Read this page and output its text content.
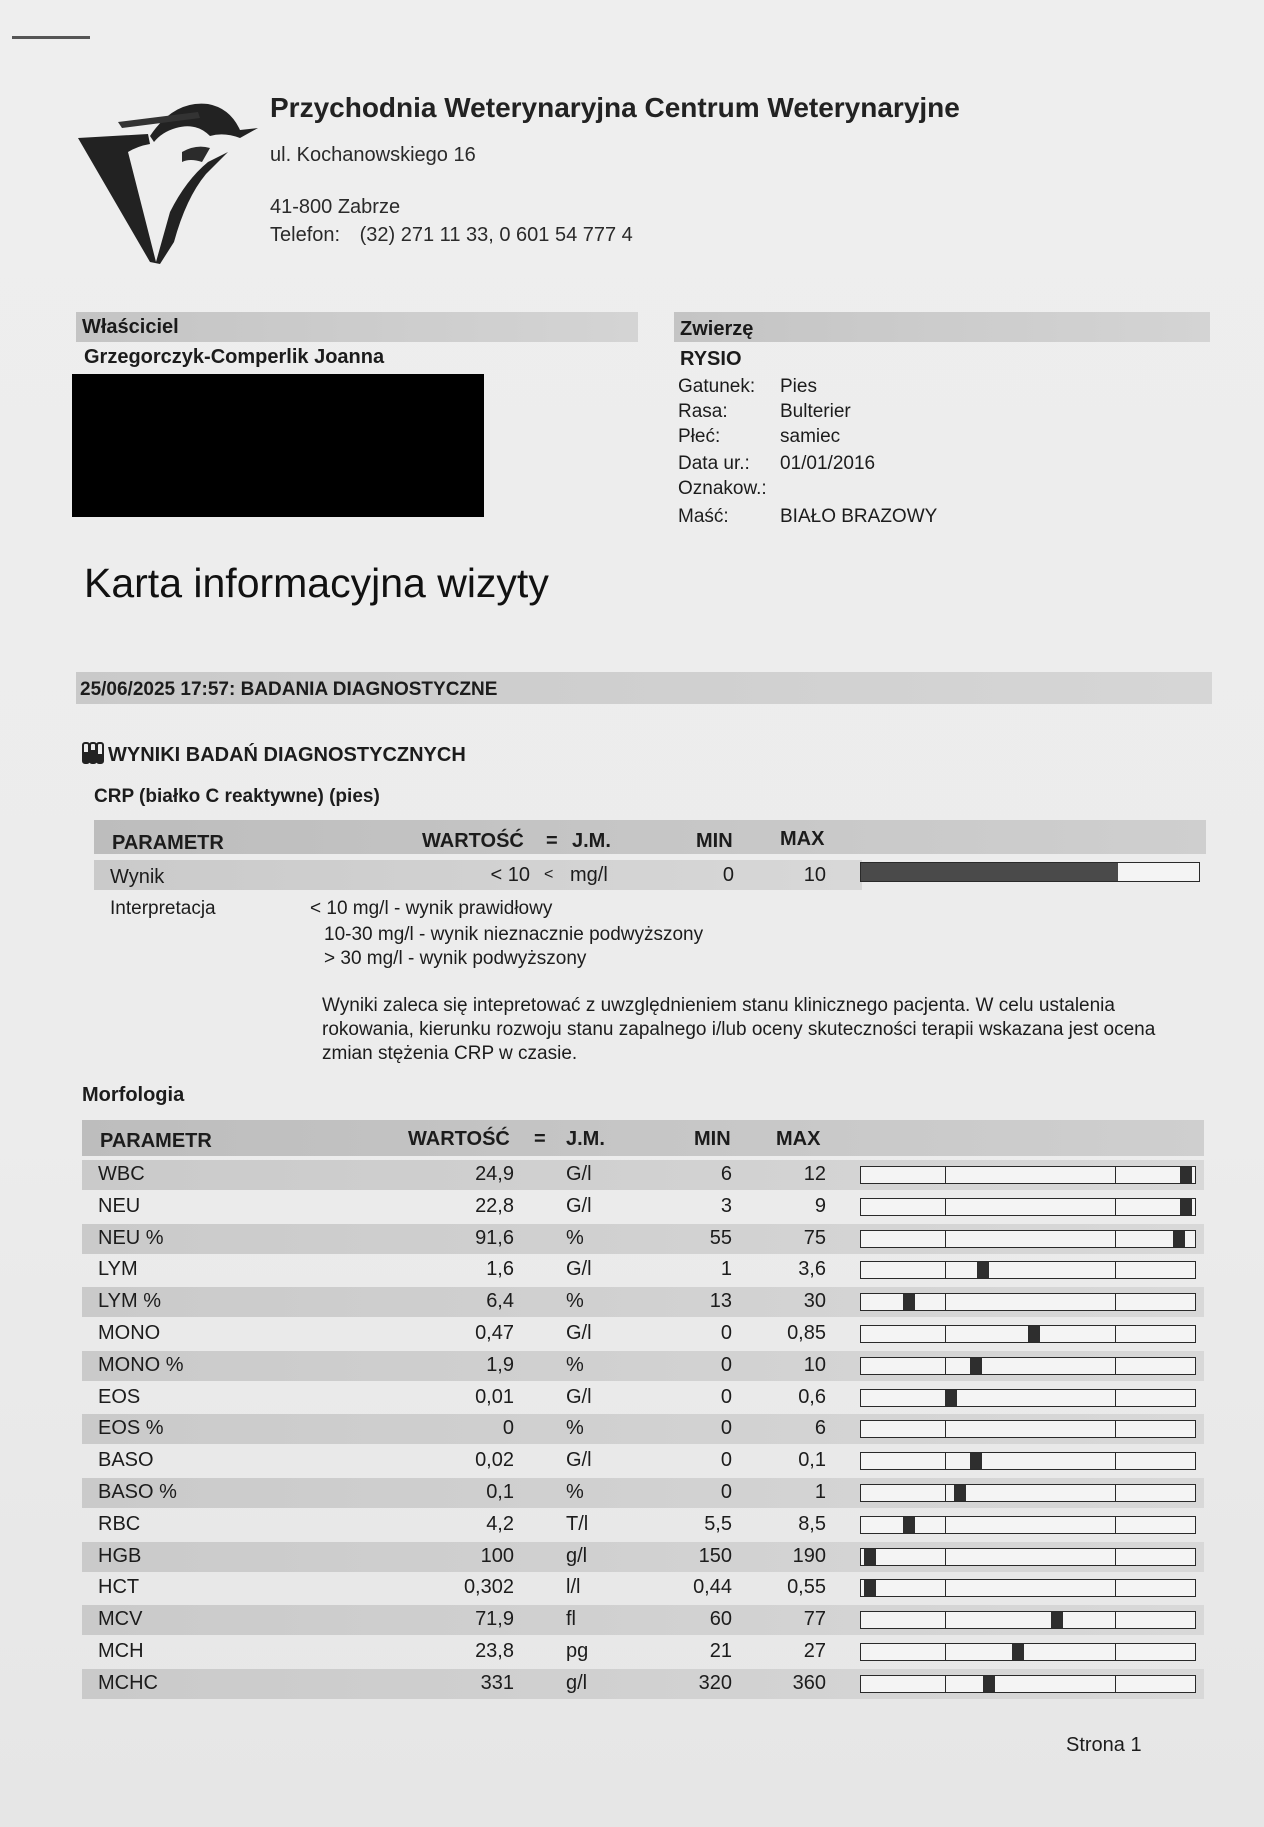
Przychodnia Weterynaryjna Centrum Weterynaryjne
ul. Kochanowskiego 16
41-800 Zabrze
Telefon: (32) 271 11 33, 0 601 54 777 4
Właściciel
Grzegorczyk-Comperlik Joanna
Zwierzę
RYSIO
Gatunek: Pies
Rasa:	Bulterier
Płeć:	samiec
Data ur.: 01/01/2016
Oznakow.:
Maść:	BIAŁO BRAZOWY
Karta informacyjna wizyty
25/06/2025 17:57: BADANIA DIAGNOSTYCZNE
WYNIKI BADAŃ DIAGNOSTYCZNYCH
CRP (białko C reaktywne) (pies)
PARAMETR	WARTOŚĆ = J.M.	MIN MAX
Wynik	< 10 < mg/l	0	10
Interpretacja	< 10 mg/l - wynik prawidłowy
10-30 mg/l - wynik nieznacznie podwyższony
> 30 mg/l - wynik podwyższony
Wyniki zaleca się intepretować z uwzględnieniem stanu klinicznego pacjenta. W celu ustalenia rokowania, kierunku rozwoju stanu zapalnego i/lub oceny skuteczności terapii wskazana jest ocena zmian stężenia CRP w czasie.
Morfologia
PARAMETR	WARTOŚĆ = J.M.	MIN MAX
WBC	24,9	G/l	6	12
NEU	22,8	G/l	3	9
NEU %	91,6	%	55	75
LYM	1,6	G/l	1	3,6
LYM %	6,4	%	13	30
MONO	0,47	G/l	0	0,85
MONO %	1,9	%	0	10
EOS	0,01	G/l	0	0,6
EOS %	0	%	0	6
BASO	0,02	G/l	0	0,1
BASO %	0,1	%	0	1
RBC	4,2	T/l	5,5	8,5
HGB	100	g/l	150	190
HCT	0,302	l/l	0,44	0,55
MCV	71,9	fl	60	77
MCH	23,8	pg	21	27
MCHC	331	g/l	320	360
Strona 1
